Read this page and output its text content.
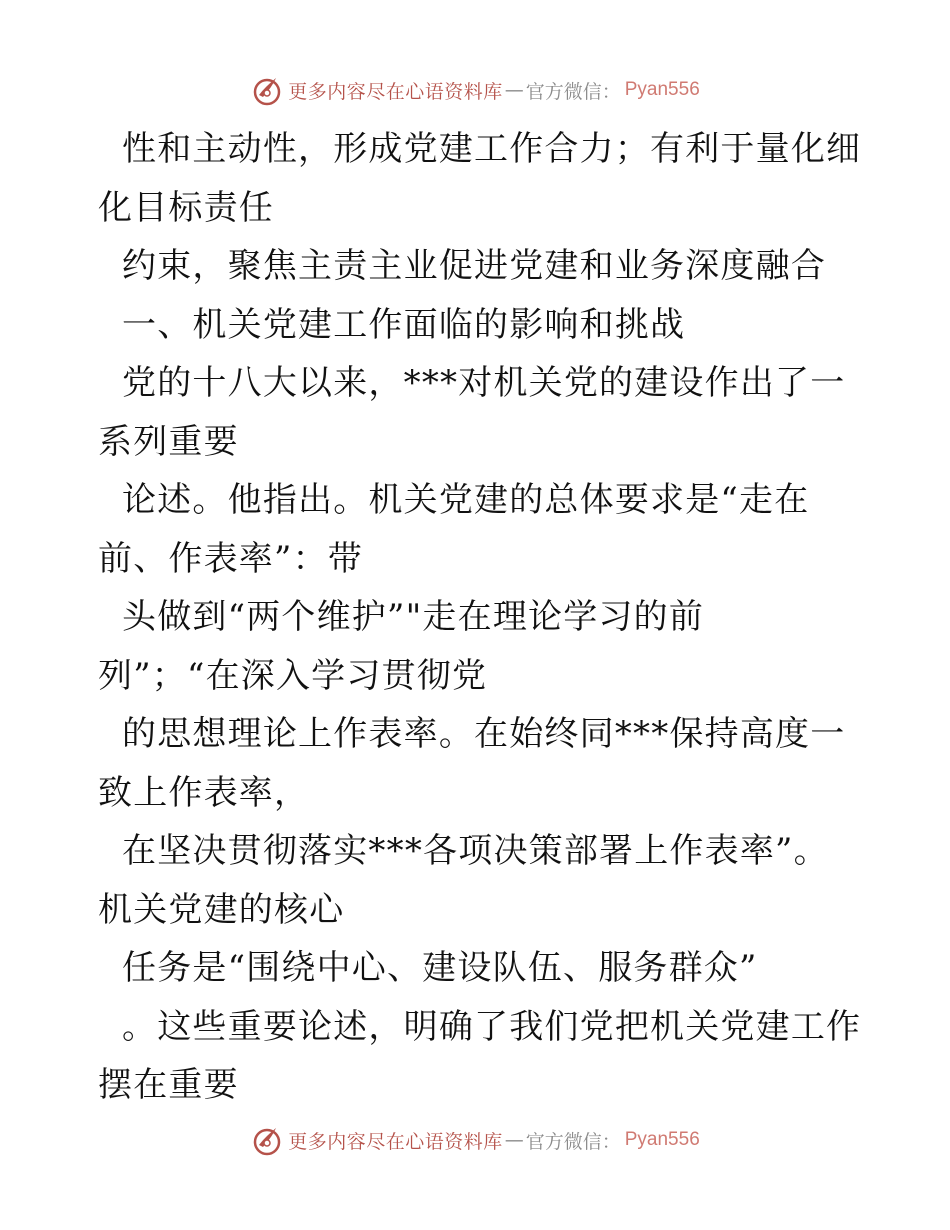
更多内容尽在心语资料库 — 官方微信： Pyan556

性和主动性，形成党建工作合力；有利于量化细

化目标责任

约束，聚焦主责主业促进党建和业务深度融合

一、机关党建工作面临的影响和挑战

党的十八大以来，***对机关党的建设作出了一

系列重要

论述。他指出。机关党建的总体要求是“走在

前、作表率”：带

头做到“两个维护”"走在理论学习的前

列”；“在深入学习贯彻党

的思想理论上作表率。在始终同***保持高度一

致上作表率，

在坚决贯彻落实***各项决策部署上作表率”。

机关党建的核心

任务是“围绕中心、建设队伍、服务群众”

。这些重要论述，明确了我们党把机关党建工作

摆在重要

更多内容尽在心语资料库 — 官方微信： Pyan556
